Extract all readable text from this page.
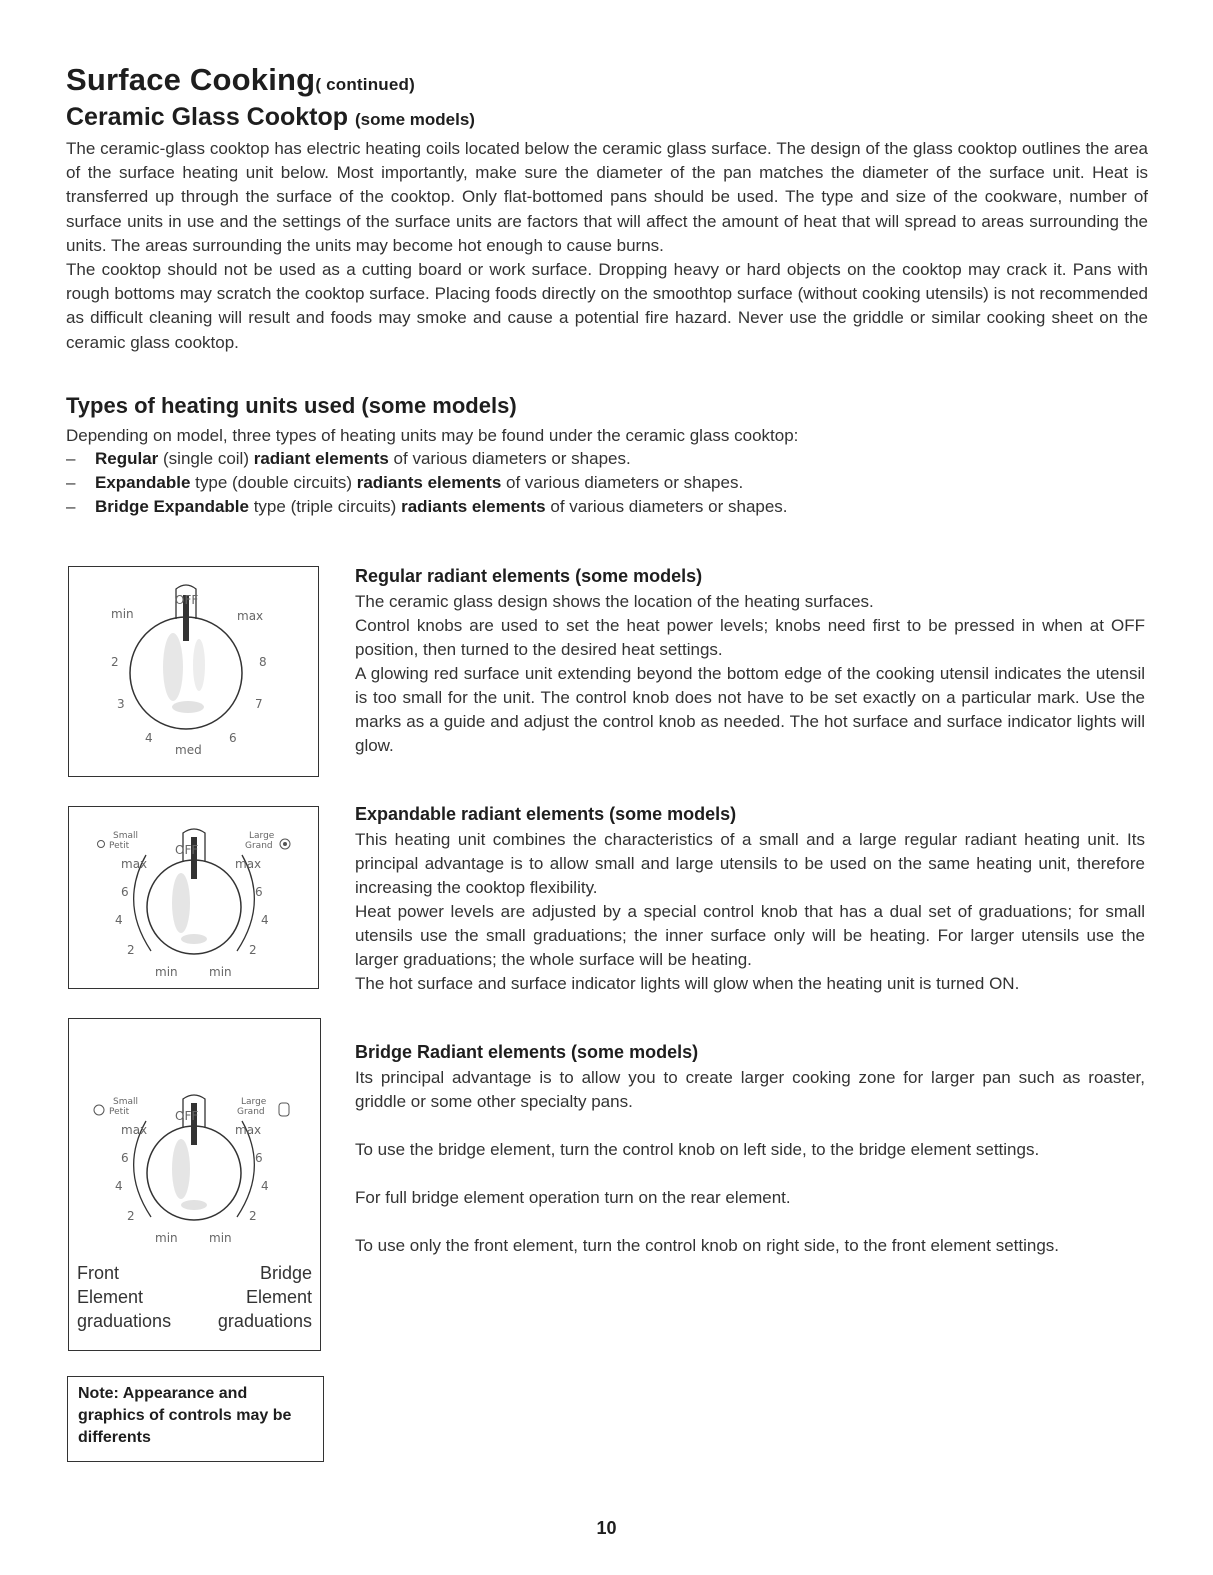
Surface Cooking( continued)
Ceramic Glass Cooktop (some models)

The ceramic-glass cooktop has electric heating coils located below the ceramic glass surface. The design of the glass cooktop outlines the area of the surface heating unit below. Most importantly, make sure the diameter of the pan matches the diameter of the surface unit. Heat is transferred up through the surface of the cooktop. Only flat-bottomed pans should be used. The type and size of the cookware, number of surface units in use and the settings of the surface units are factors that will affect the amount of heat that will spread to areas surrounding the units. The areas surrounding the units may become hot enough to cause burns.

The cooktop should not be used as a cutting board or work surface. Dropping heavy or hard objects on the cooktop may crack it. Pans with rough bottoms may scratch the cooktop surface. Placing foods directly on the smoothtop surface (without cooking utensils) is not recommended as difficult cleaning will result and foods may smoke and cause a potential fire hazard. Never use the griddle or similar cooking sheet on the ceramic glass cooktop.

Types of heating units used (some models)
Depending on model, three types of heating units may be found under the ceramic glass cooktop:
– Regular (single coil) radiant elements of various diameters or shapes.
– Expandable type (double circuits) radiants elements of various diameters or shapes.
– Bridge Expandable type (triple circuits) radiants elements of various diameters or shapes.
OFF
min	max
2	8
3	7
4	6
med
Regular radiant elements (some models)

The ceramic glass design shows the location of the heating surfaces.

Control knobs are used to set the heat power levels; knobs need first to be pressed in when at OFF position, then turned to the desired heat settings.

A glowing red surface unit extending beyond the bottom edge of the cooking utensil indicates the utensil is too small for the unit. The control knob does not have to be set exactly on a particular mark. Use the marks as a guide and adjust the control knob as needed. The hot surface and surface indicator lights will glow.

Small
Petit	OFF
Large
Grand
max	max
6	6
4	4
2	2
min	min
Expandable radiant elements (some models)

This heating unit combines the characteristics of a small and a large regular radiant heating unit. Its principal advantage is to allow small and large utensils to be used on the same heating unit, therefore increasing the cooktop flexibility.

Heat power levels are adjusted by a special control knob that has a dual set of graduations; for small utensils use the small graduations; the inner surface only will be heating. For larger utensils use the larger graduations; the whole surface will be heating.

The hot surface and surface indicator lights will glow when the heating unit is turned ON.

Small
Petit	OFF
Large
Grand
max	max
6	6
4	4
2	2
min	min
Front
Element
graduations
Bridge
Element
graduations
Bridge Radiant elements (some models)

Its principal advantage is to allow you to create larger cooking zone for larger pan such as roaster, griddle or some other specialty pans.

To use the bridge element, turn the control knob on left side, to the bridge element settings.

For full bridge element operation turn on the rear element.

To use only the front element, turn the control knob on right side, to the front element settings.

Note: Appearance and graphics of controls may be differents
10
